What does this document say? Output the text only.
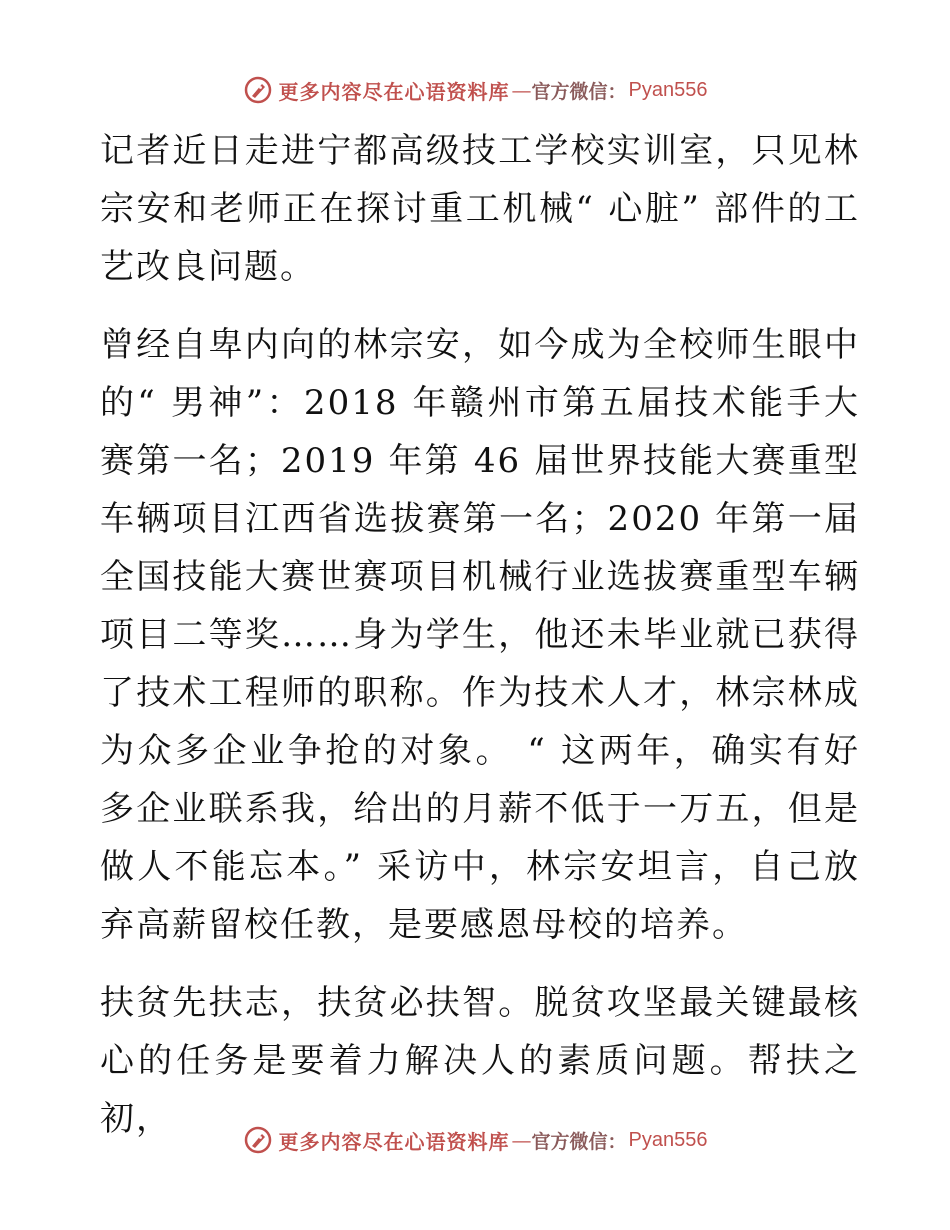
更多内容尽在心语资料库 — 官方微信： Pyan556

记者近日走进宁都高级技工学校实训室，只见林宗安和老师正在探讨重工机械“ 心脏” 部件的工艺改良问题。

曾经自卑内向的林宗安，如今成为全校师生眼中的“ 男神”：2018 年赣州市第五届技术能手大赛第一名；2019 年第 46 届世界技能大赛重型车辆项目江西省选拔赛第一名；2020 年第一届全国技能大赛世赛项目机械行业选拔赛重型车辆项目二等奖……身为学生，他还未毕业就已获得了技术工程师的职称。作为技术人才，林宗林成为众多企业争抢的对象。 “ 这两年，确实有好多企业联系我，给出的月薪不低于一万五，但是做人不能忘本。” 采访中，林宗安坦言，自己放弃高薪留校任教，是要感恩母校的培养。

扶贫先扶志，扶贫必扶智。脱贫攻坚最关键最核心的任务是要着力解决人的素质问题。帮扶之初，

更多内容尽在心语资料库 — 官方微信： Pyan556
